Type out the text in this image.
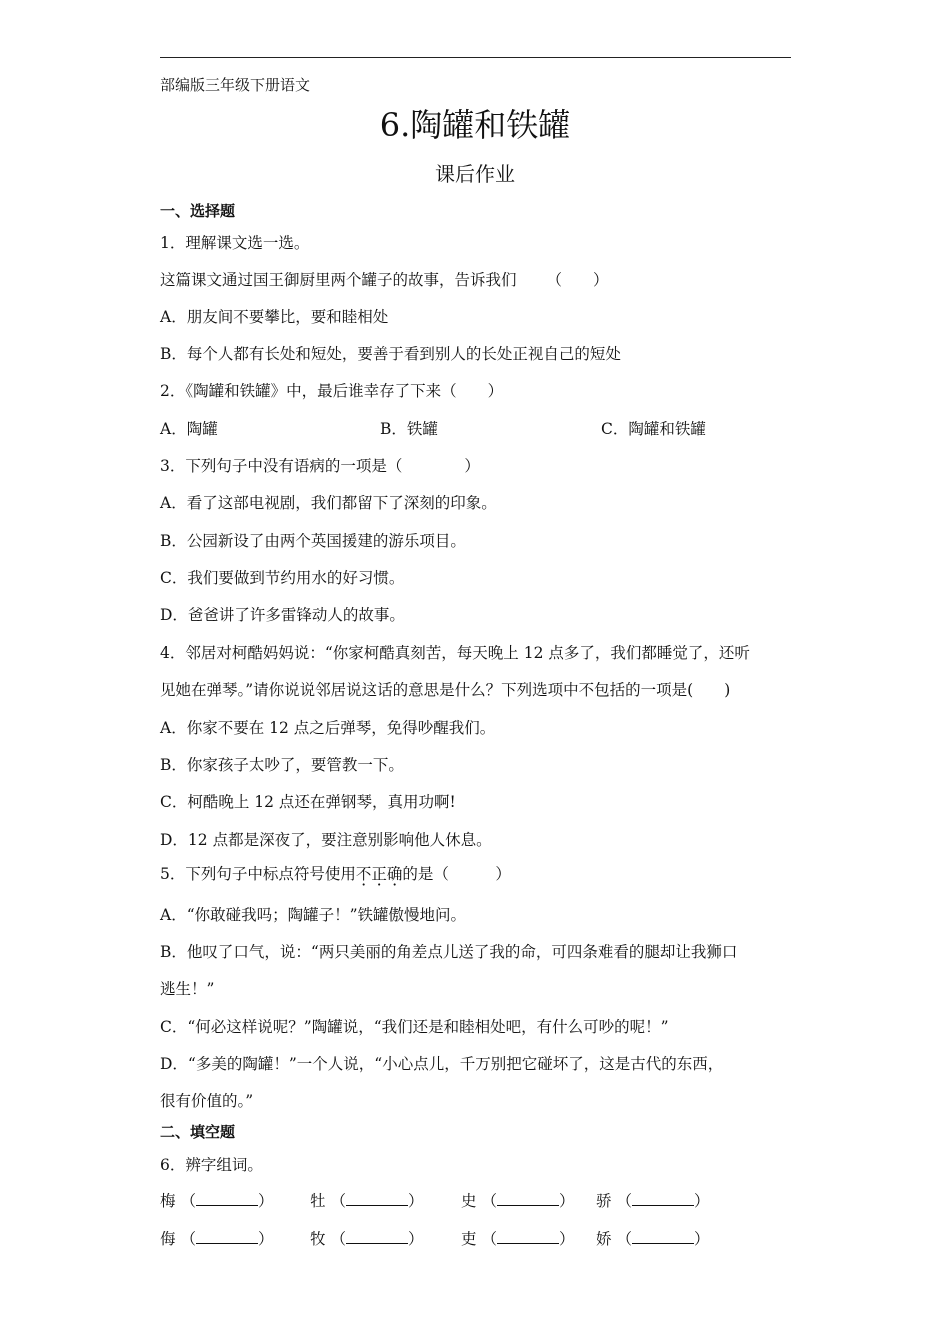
部编版三年级下册语文
6.陶罐和铁罐
课后作业
一、选择题
1．理解课文选一选。
这篇课文通过国王御厨里两个罐子的故事，告诉我们 （　　）
A．朋友间不要攀比，要和睦相处
B．每个人都有长处和短处，要善于看到别人的长处正视自己的短处
2．《陶罐和铁罐》中，最后谁幸存了下来（　　）
A．陶罐	B．铁罐	C．陶罐和铁罐
3．下列句子中没有语病的一项是（　　　　）
A．看了这部电视剧，我们都留下了深刻的印象。
B．公园新设了由两个英国援建的游乐项目。
C．我们要做到节约用水的好习惯。
D．爸爸讲了许多雷锋动人的故事。
4．邻居对柯酷妈妈说：“你家柯酷真刻苦，每天晚上 12 点多了，我们都睡觉了，还听
见她在弹琴。”请你说说邻居说这话的意思是什么？下列选项中不包括的一项是(　　)
A．你家不要在 12 点之后弹琴，免得吵醒我们。
B．你家孩子太吵了，要管教一下。
C．柯酷晚上 12 点还在弹钢琴，真用功啊!
D．12 点都是深夜了，要注意别影响他人休息。
5．下列句子中标点符号使用不正确的是（　　　）
A．“你敢碰我吗；陶罐子！”铁罐傲慢地问。
B．他叹了口气，说：“两只美丽的角差点儿送了我的命，可四条难看的腿却让我狮口
逃生！”
C．“何必这样说呢？”陶罐说，“我们还是和睦相处吧，有什么可吵的呢！”
D．“多美的陶罐！”一个人说，“小心点儿，千万别把它碰坏了，这是古代的东西，
很有价值的。”
二、填空题
6．辨字组词。
梅 （	） 牡 （	） 史 （	） 骄 （	）
侮 （	） 牧 （	） 吏 （	） 娇 （	）
